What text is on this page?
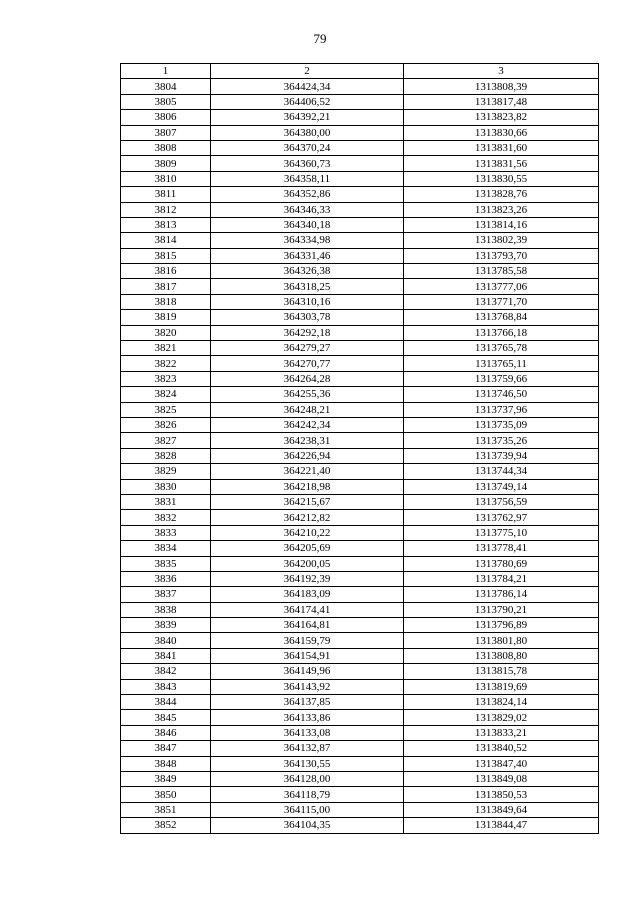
79
1	2	3
3804	364424,34	1313808,39
3805	364406,52	1313817,48
3806	364392,21	1313823,82
3807	364380,00	1313830,66
3808	364370,24	1313831,60
3809	364360,73	1313831,56
3810	364358,11	1313830,55
3811	364352,86	1313828,76
3812	364346,33	1313823,26
3813	364340,18	1313814,16
3814	364334,98	1313802,39
3815	364331,46	1313793,70
3816	364326,38	1313785,58
3817	364318,25	1313777,06
3818	364310,16	1313771,70
3819	364303,78	1313768,84
3820	364292,18	1313766,18
3821	364279,27	1313765,78
3822	364270,77	1313765,11
3823	364264,28	1313759,66
3824	364255,36	1313746,50
3825	364248,21	1313737,96
3826	364242,34	1313735,09
3827	364238,31	1313735,26
3828	364226,94	1313739,94
3829	364221,40	1313744,34
3830	364218,98	1313749,14
3831	364215,67	1313756,59
3832	364212,82	1313762,97
3833	364210,22	1313775,10
3834	364205,69	1313778,41
3835	364200,05	1313780,69
3836	364192,39	1313784,21
3837	364183,09	1313786,14
3838	364174,41	1313790,21
3839	364164,81	1313796,89
3840	364159,79	1313801,80
3841	364154,91	1313808,80
3842	364149,96	1313815,78
3843	364143,92	1313819,69
3844	364137,85	1313824,14
3845	364133,86	1313829,02
3846	364133,08	1313833,21
3847	364132,87	1313840,52
3848	364130,55	1313847,40
3849	364128,00	1313849,08
3850	364118,79	1313850,53
3851	364115,00	1313849,64
3852	364104,35	1313844,47
